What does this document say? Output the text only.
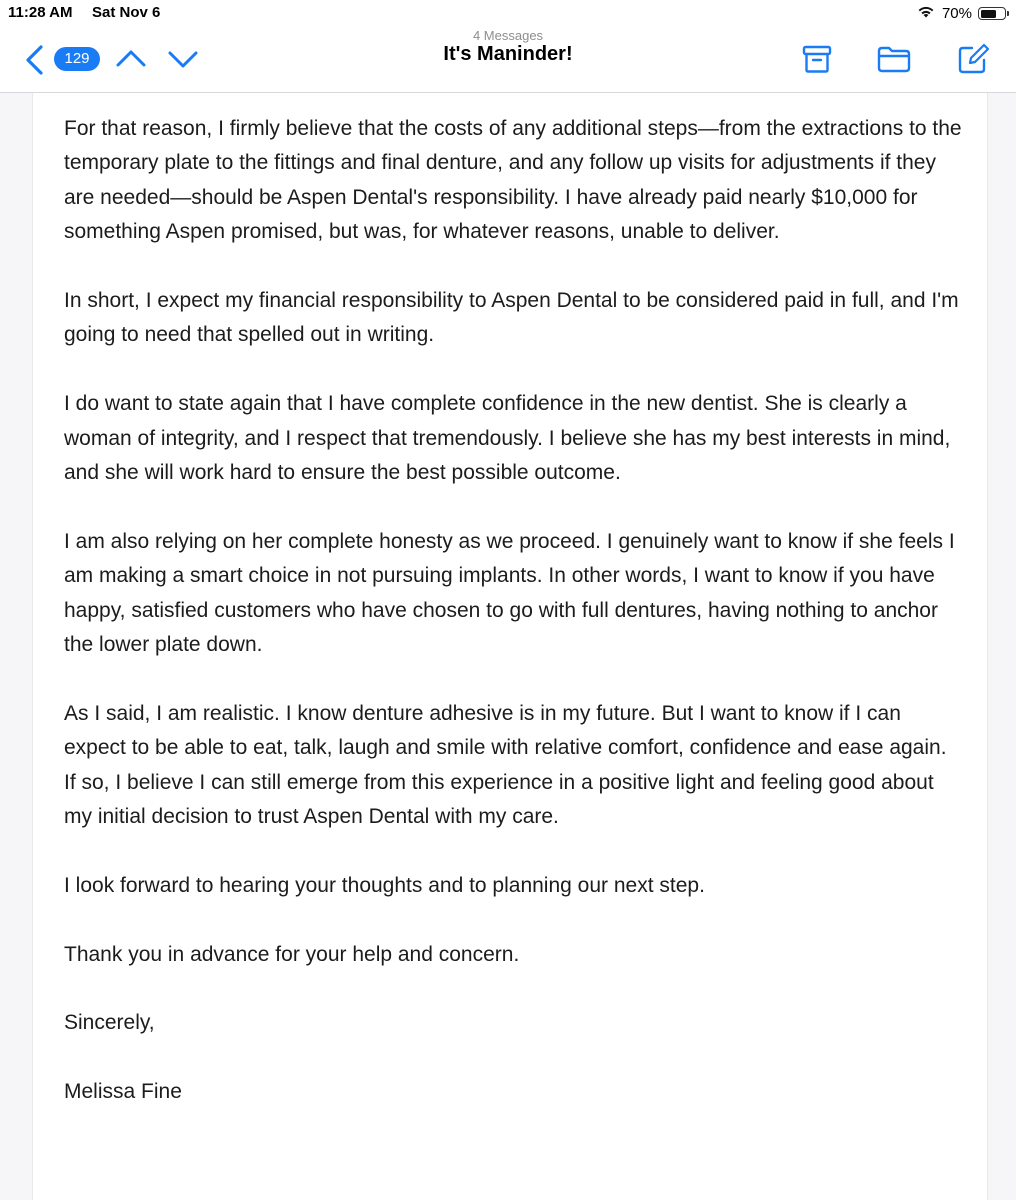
11:28 AM Sat Nov 6	70%
129
4 Messages
It's Maninder!

For that reason, I firmly believe that the costs of any additional steps—from the extractions to the temporary plate to the fittings and final denture, and any follow up visits for adjustments if they are needed—should be Aspen Dental's responsibility. I have already paid nearly $10,000 for something Aspen promised, but was, for whatever reasons, unable to deliver.

In short, I expect my financial responsibility to Aspen Dental to be considered paid in full, and I'm going to need that spelled out in writing.

I do want to state again that I have complete confidence in the new dentist. She is clearly a woman of integrity, and I respect that tremendously. I believe she has my best interests in mind, and she will work hard to ensure the best possible outcome.

I am also relying on her complete honesty as we proceed. I genuinely want to know if she feels I am making a smart choice in not pursuing implants. In other words, I want to know if you have happy, satisfied customers who have chosen to go with full dentures, having nothing to anchor the lower plate down.

As I said, I am realistic. I know denture adhesive is in my future. But I want to know if I can expect to be able to eat, talk, laugh and smile with relative comfort, confidence and ease again. If so, I believe I can still emerge from this experience in a positive light and feeling good about my initial decision to trust Aspen Dental with my care.

I look forward to hearing your thoughts and to planning our next step.

Thank you in advance for your help and concern.

Sincerely,

Melissa Fine
